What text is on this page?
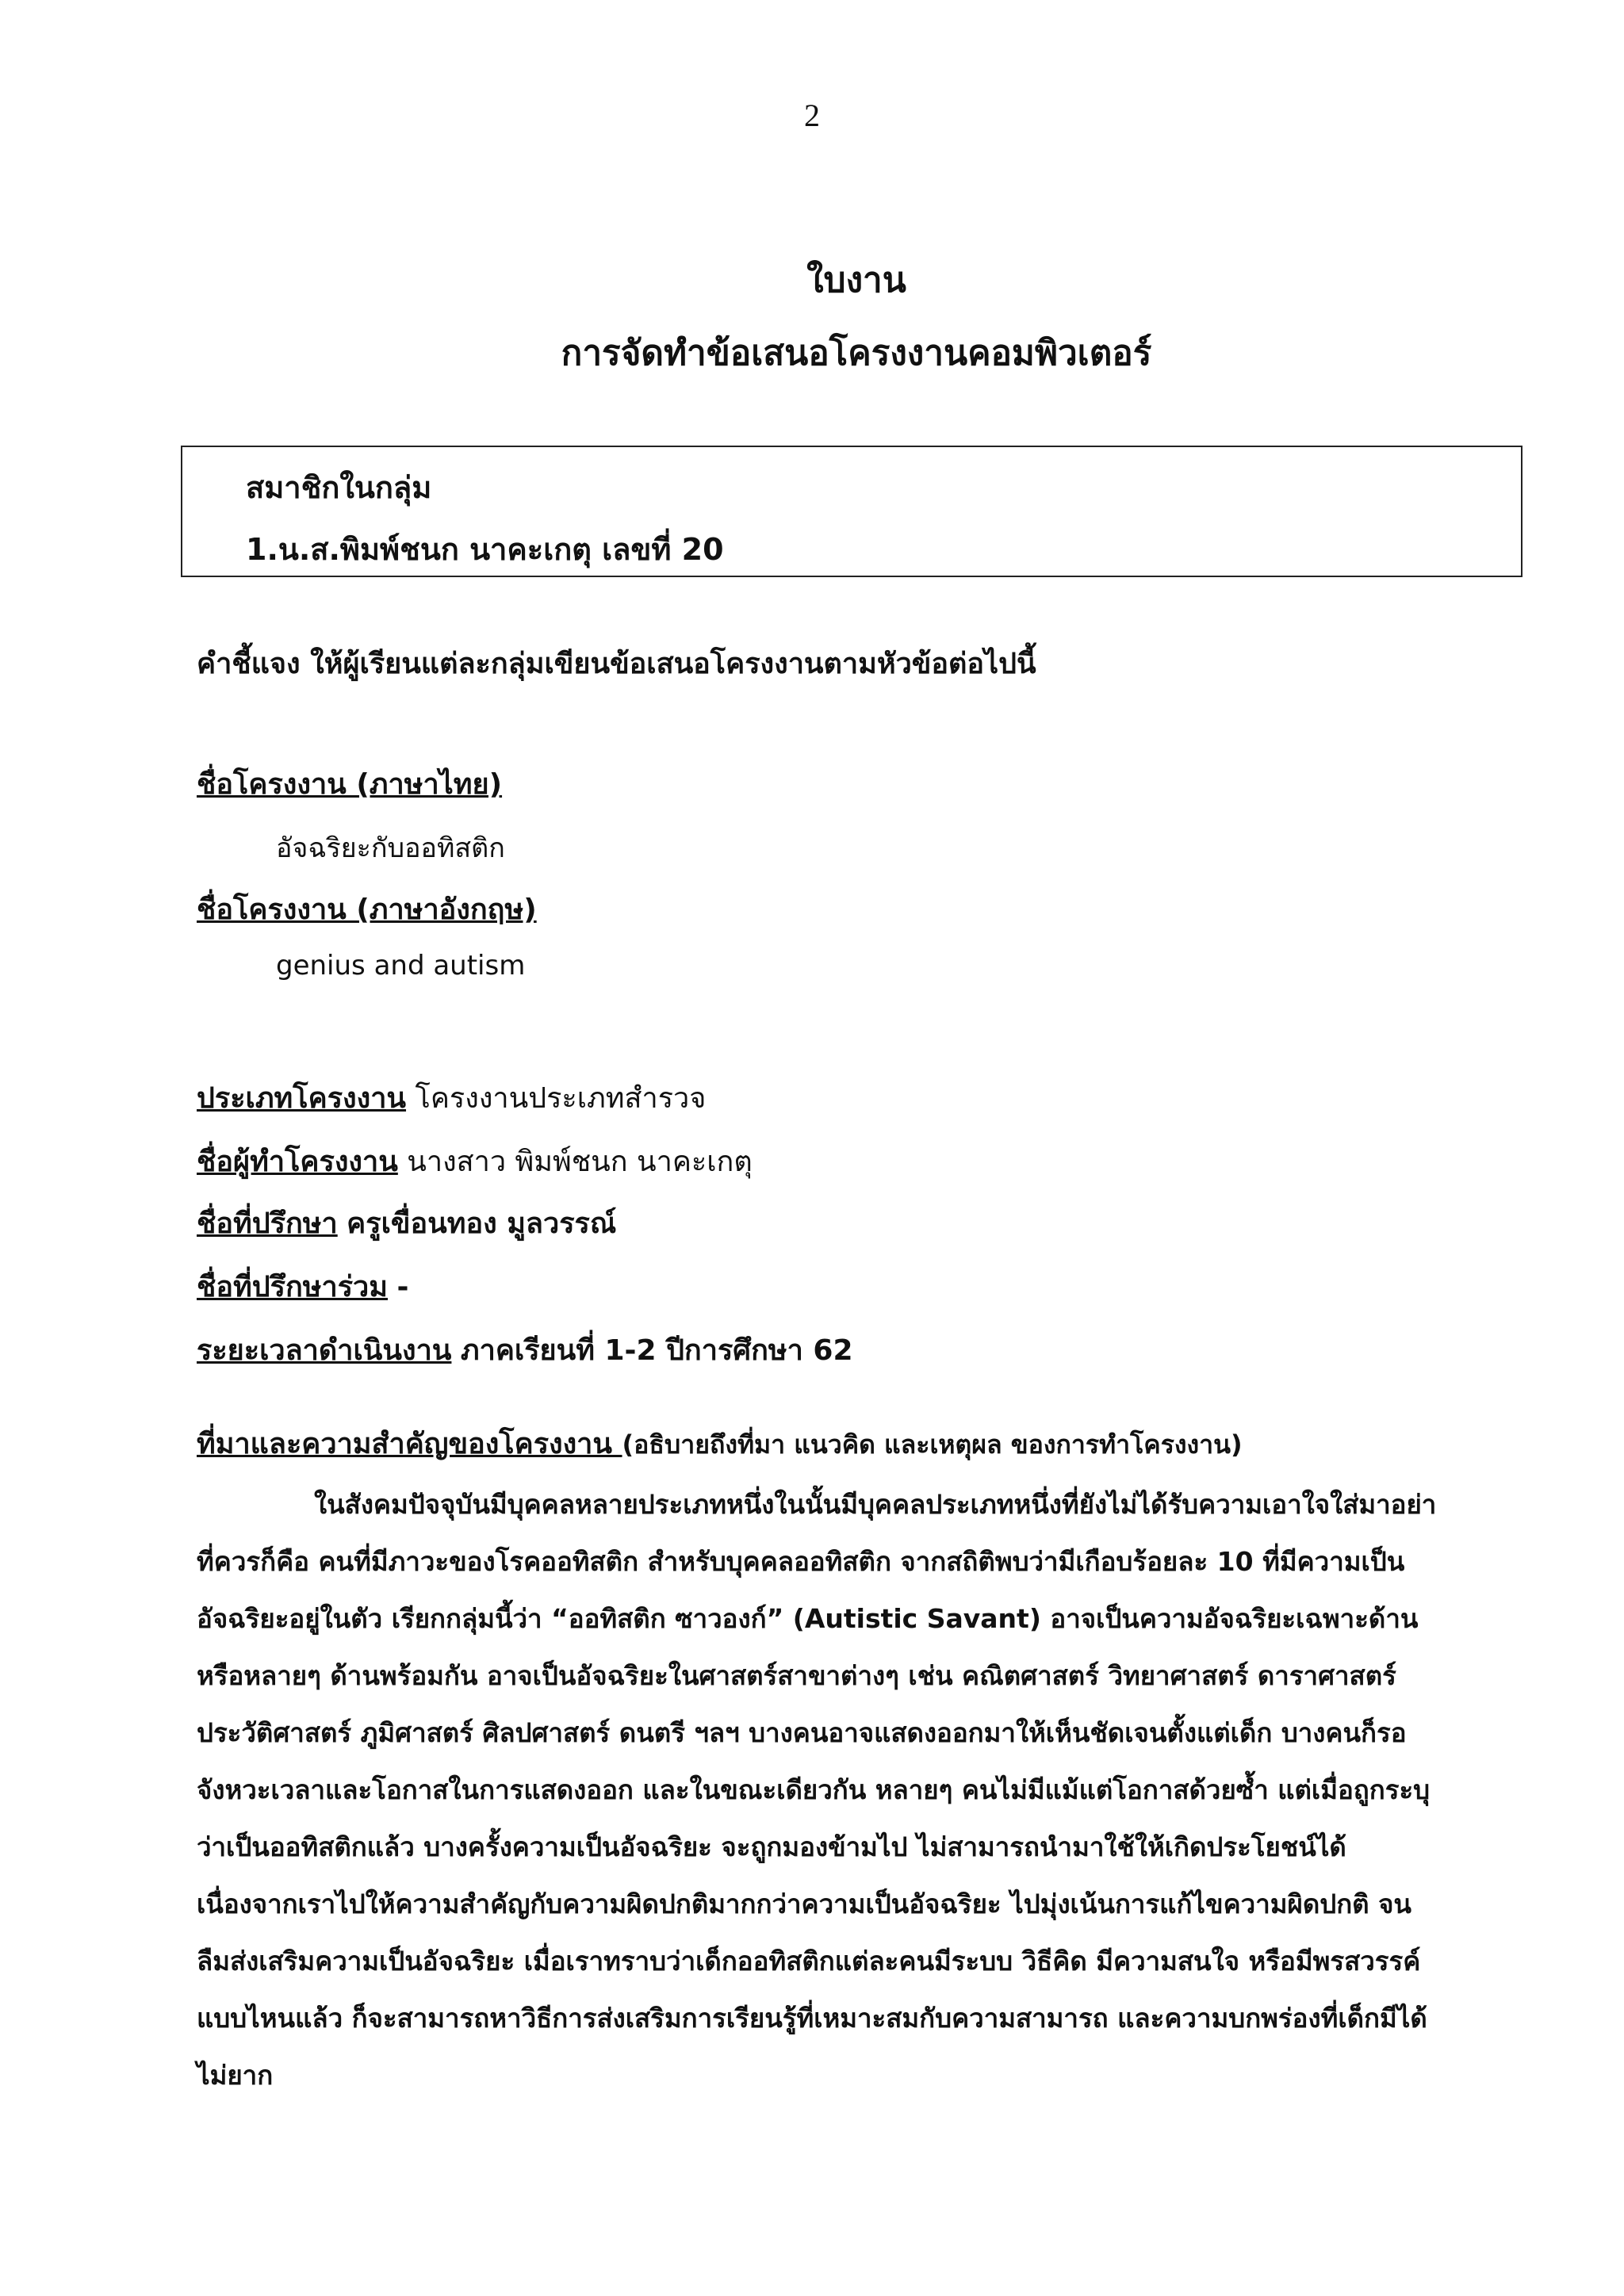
2
ใบงาน
การจัดทำข้อเสนอโครงงานคอมพิวเตอร์
สมาชิกในกลุ่ม
1.น.ส.พิมพ์ชนก นาคะเกตุ เลขที่ 20
คำชี้แจง ให้ผู้เรียนแต่ละกลุ่มเขียนข้อเสนอโครงงานตามหัวข้อต่อไปนี้
ชื่อโครงงาน (ภาษาไทย)
อัจฉริยะกับออทิสติก
ชื่อโครงงาน (ภาษาอังกฤษ)
genius and autism
ประเภทโครงงาน โครงงานประเภทสำรวจ
ชื่อผู้ทำโครงงาน นางสาว พิมพ์ชนก นาคะเกตุ
ชื่อที่ปรึกษา ครูเขื่อนทอง มูลวรรณ์
ชื่อที่ปรึกษาร่วม -
ระยะเวลาดำเนินงาน ภาคเรียนที่ 1-2 ปีการศึกษา 62
ที่มาและความสำคัญของโครงงาน (อธิบายถึงที่มา แนวคิด และเหตุผล ของการทำโครงงาน)
ในสังคมปัจจุบันมีบุคคลหลายประเภทหนึ่งในนั้นมีบุคคลประเภทหนึ่งที่ยังไม่ได้รับความเอาใจใส่มาอย่า
ที่ควรก็คือ คนที่มีภาวะของโรคออทิสติก สำหรับบุคคลออทิสติก จากสถิติพบว่ามีเกือบร้อยละ 10 ที่มีความเป็น
อัจฉริยะอยู่ในตัว เรียกกลุ่มนี้ว่า “ออทิสติก ซาวองก์” (Autistic Savant) อาจเป็นความอัจฉริยะเฉพาะด้าน
หรือหลายๆ ด้านพร้อมกัน อาจเป็นอัจฉริยะในศาสตร์สาขาต่างๆ เช่น คณิตศาสตร์ วิทยาศาสตร์ ดาราศาสตร์
ประวัติศาสตร์ ภูมิศาสตร์ ศิลปศาสตร์ ดนตรี ฯลฯ บางคนอาจแสดงออกมาให้เห็นชัดเจนตั้งแต่เด็ก บางคนก็รอ
จังหวะเวลาและโอกาสในการแสดงออก และในขณะเดียวกัน หลายๆ คนไม่มีแม้แต่โอกาสด้วยซ้ำ แต่เมื่อถูกระบุ
ว่าเป็นออทิสติกแล้ว บางครั้งความเป็นอัจฉริยะ จะถูกมองข้ามไป ไม่สามารถนำมาใช้ให้เกิดประโยชน์ได้
เนื่องจากเราไปให้ความสำคัญกับความผิดปกติมากกว่าความเป็นอัจฉริยะ ไปมุ่งเน้นการแก้ไขความผิดปกติ จน
ลืมส่งเสริมความเป็นอัจฉริยะ เมื่อเราทราบว่าเด็กออทิสติกแต่ละคนมีระบบ วิธีคิด มีความสนใจ หรือมีพรสวรรค์
แบบไหนแล้ว ก็จะสามารถหาวิธีการส่งเสริมการเรียนรู้ที่เหมาะสมกับความสามารถ และความบกพร่องที่เด็กมีได้
ไม่ยาก
